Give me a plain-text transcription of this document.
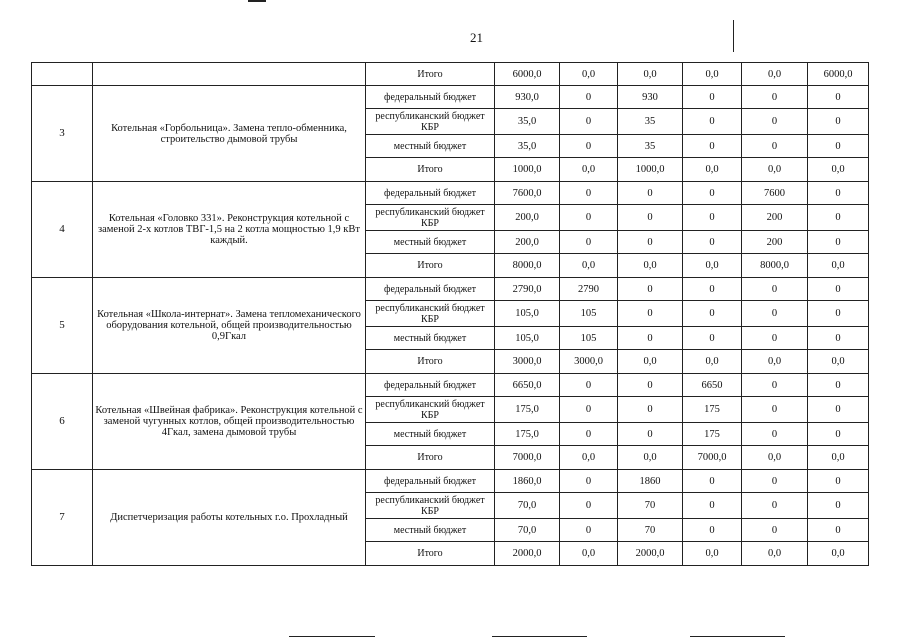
21
		Итого	6000,0	0,0	0,0	0,0	0,0	6000,0
3	Котельная «Горбольница». Замена тепло-обменника, строительство дымовой трубы	федеральный бюджет	930,0	0	930	0	0	0
		республиканский бюджет КБР	35,0	0	35	0	0	0
		местный бюджет	35,0	0	35	0	0	0
		Итого	1000,0	0,0	1000,0	0,0	0,0	0,0
4	Котельная «Головко 331». Реконструкция котельной с заменой 2-х котлов ТВГ-1,5 на 2 котла мощностью 1,9 кВт каждый.	федеральный бюджет	7600,0	0	0	0	7600	0
		республиканский бюджет КБР	200,0	0	0	0	200	0
		местный бюджет	200,0	0	0	0	200	0
		Итого	8000,0	0,0	0,0	0,0	8000,0	0,0
5	Котельная «Школа-интернат». Замена тепломеханического оборудования котельной, общей производительностью 0,9Гкал	федеральный бюджет	2790,0	2790	0	0	0	0
		республиканский бюджет КБР	105,0	105	0	0	0	0
		местный бюджет	105,0	105	0	0	0	0
		Итого	3000,0	3000,0	0,0	0,0	0,0	0,0
6	Котельная «Швейная фабрика». Реконструкция котельной с заменой чугунных котлов, общей производительностью 4Гкал, замена дымовой трубы	федеральный бюджет	6650,0	0	0	6650	0	0
		республиканский бюджет КБР	175,0	0	0	175	0	0
		местный бюджет	175,0	0	0	175	0	0
		Итого	7000,0	0,0	0,0	7000,0	0,0	0,0
7	Диспетчеризация работы котельных г.о. Прохладный	федеральный бюджет	1860,0	0	1860	0	0	0
		республиканский бюджет КБР	70,0	0	70	0	0	0
		местный бюджет	70,0	0	70	0	0	0
		Итого	2000,0	0,0	2000,0	0,0	0,0	0,0
